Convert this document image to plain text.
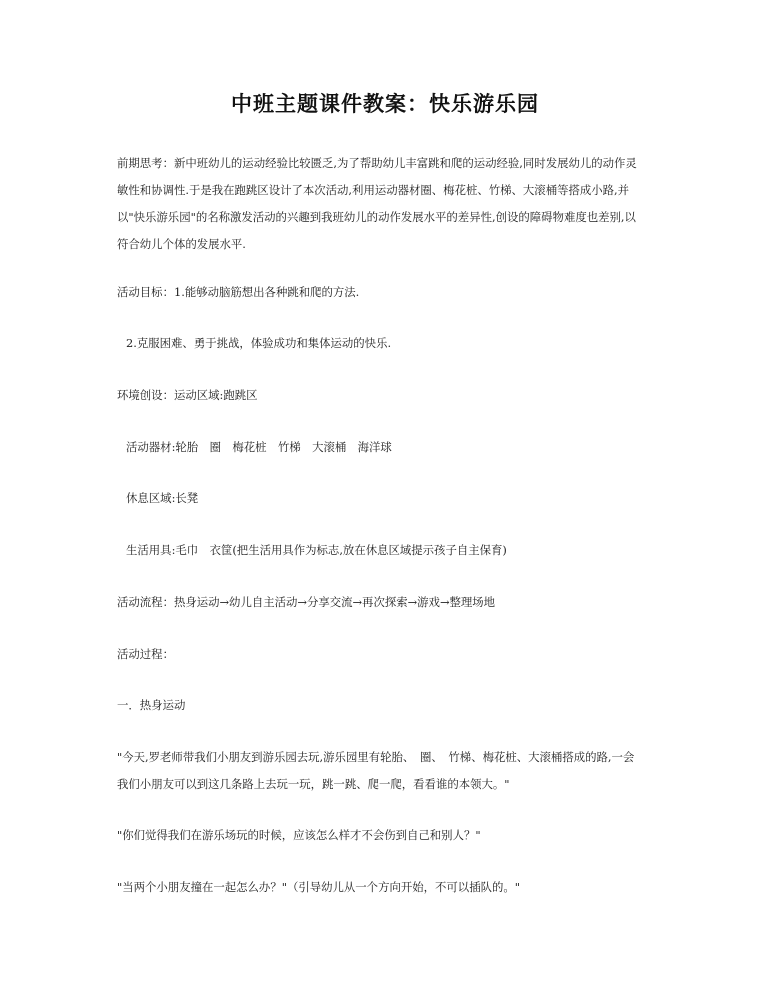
中班主题课件教案：快乐游乐园
前期思考：新中班幼儿的运动经验比较匮乏,为了帮助幼儿丰富跳和爬的运动经验,同时发展幼儿的动作灵
敏性和协调性.于是我在跑跳区设计了本次活动,利用运动器材圈、梅花桩、竹梯、大滚桶等搭成小路,并
以"快乐游乐园"的名称激发活动的兴趣到我班幼儿的动作发展水平的差异性,创设的障碍物难度也差别,以
符合幼儿个体的发展水平.
活动目标：1.能够动脑筋想出各种跳和爬的方法.
2.克服困难、勇于挑战，体验成功和集体运动的快乐.
环境创设：运动区域:跑跳区
活动器材:轮胎　圈　梅花桩　竹梯　大滚桶　海洋球
休息区域:长凳
生活用具:毛巾　衣筐(把生活用具作为标志,放在休息区域提示孩子自主保育)
活动流程：热身运动→幼儿自主活动→分享交流→再次探索→游戏→整理场地
活动过程：
一．热身运动
"今天,罗老师带我们小朋友到游乐园去玩,游乐园里有轮胎、　圈、　竹梯、梅花桩、大滚桶搭成的路,一会
我们小朋友可以到这几条路上去玩一玩，跳一跳、爬一爬，看看谁的本领大。"
"你们觉得我们在游乐场玩的时候，应该怎么样才不会伤到自己和别人？"
"当两个小朋友撞在一起怎么办？"（引导幼儿从一个方向开始，不可以插队的。"
